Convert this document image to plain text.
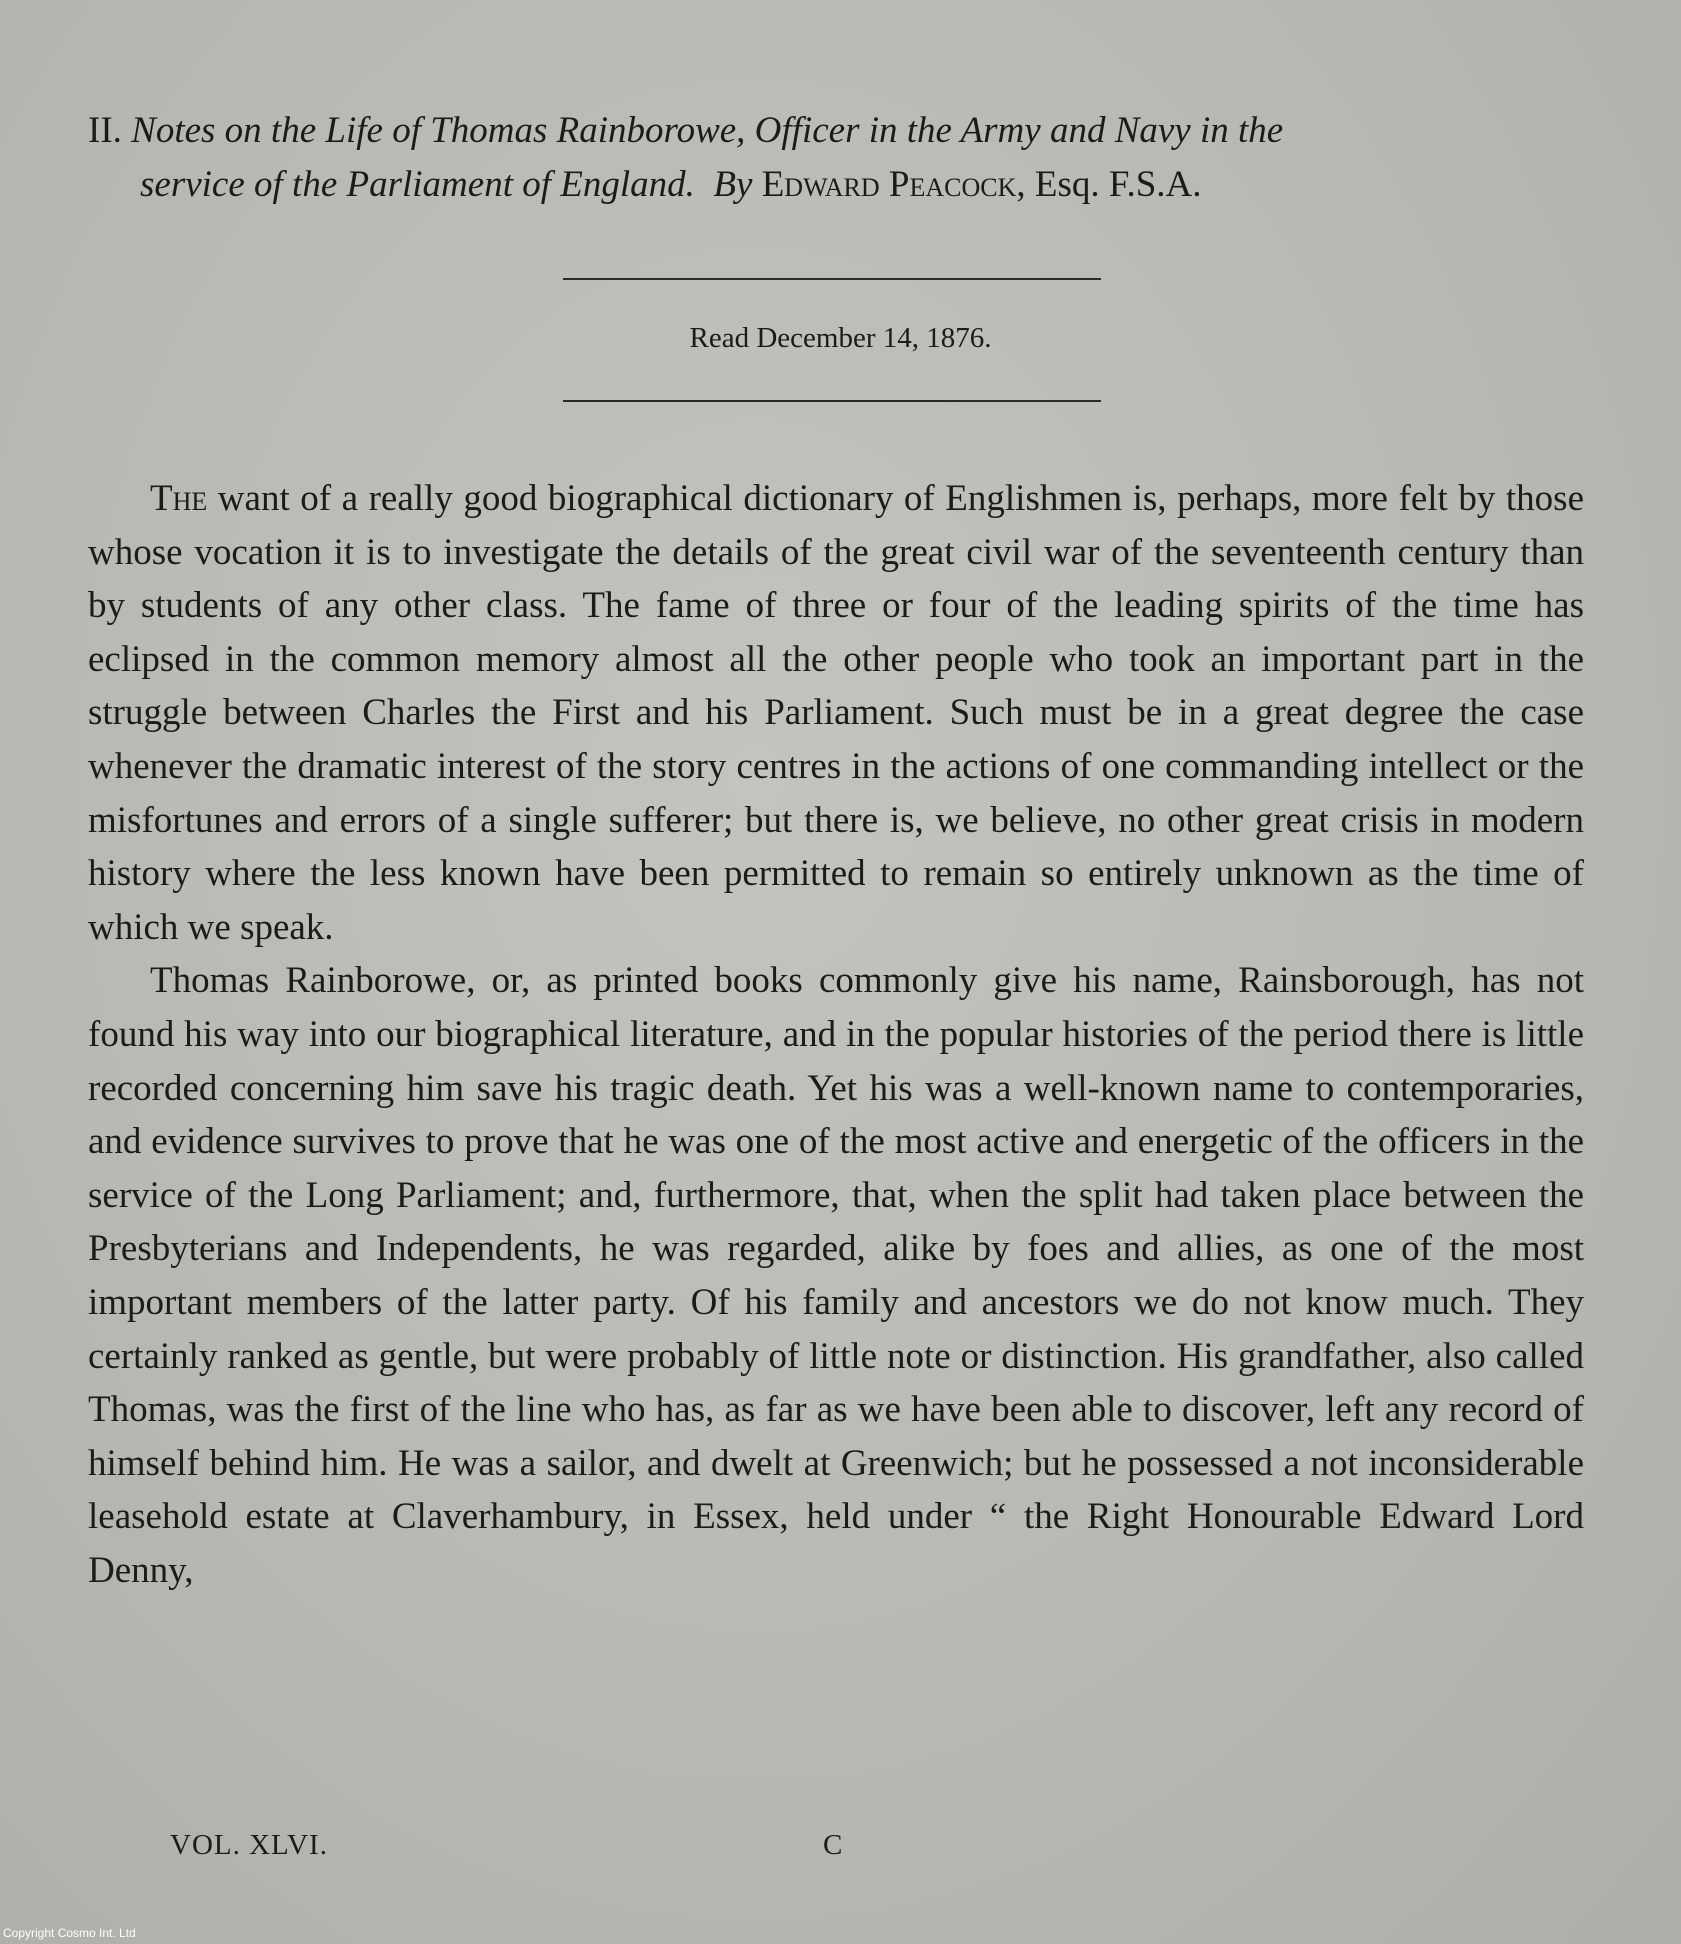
II. Notes on the Life of Thomas Rainborowe, Officer in the Army and Navy in the
service of the Parliament of England. By Edward Peacock, Esq. F.S.A.
Read December 14, 1876.

The want of a really good biographical dictionary of Englishmen is, perhaps, more felt by those whose vocation it is to investigate the details of the great civil war of the seventeenth century than by students of any other class. The fame of three or four of the leading spirits of the time has eclipsed in the common memory almost all the other people who took an important part in the struggle between Charles the First and his Parliament. Such must be in a great degree the case whenever the dramatic interest of the story centres in the actions of one commanding intellect or the misfortunes and errors of a single sufferer; but there is, we believe, no other great crisis in modern history where the less known have been permitted to remain so entirely unknown as the time of which we speak.

Thomas Rainborowe, or, as printed books commonly give his name, Rainsborough, has not found his way into our biographical literature, and in the popular histories of the period there is little recorded concerning him save his tragic death. Yet his was a well-known name to contemporaries, and evidence survives to prove that he was one of the most active and energetic of the officers in the service of the Long Parliament; and, furthermore, that, when the split had taken place between the Presbyterians and Independents, he was regarded, alike by foes and allies, as one of the most important members of the latter party. Of his family and ancestors we do not know much. They certainly ranked as gentle, but were probably of little note or distinction. His grandfather, also called Thomas, was the first of the line who has, as far as we have been able to discover, left any record of himself behind him. He was a sailor, and dwelt at Greenwich; but he possessed a not inconsiderable leasehold estate at Claverhambury, in Essex, held under “ the Right Honourable Edward Lord Denny,

VOL. XLVI.	C
Copyright Cosmo Int. Ltd
